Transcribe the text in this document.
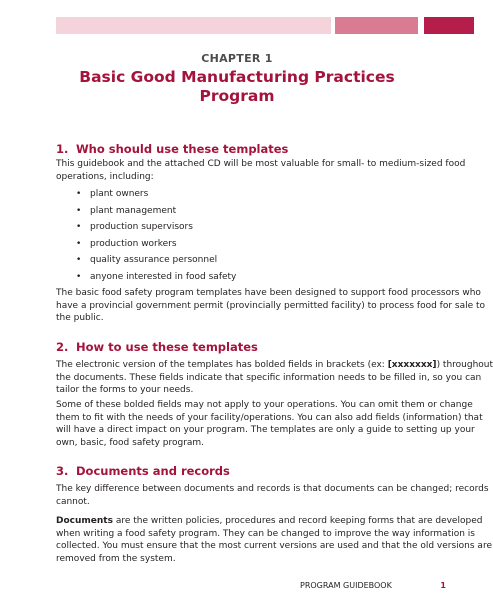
CHAPTER 1
Basic Good Manufacturing Practices
Program

1. Who should use these templates

This guidebook and the attached CD will be most valuable for small- to medium-sized food
operations, including:

• plant owners
• plant management
• production supervisors
• production workers
• quality assurance personnel
• anyone interested in food safety

The basic food safety program templates have been designed to support food processors who
have a provincial government permit (provincially permitted facility) to process food for sale to
the public.

2. How to use these templates

The electronic version of the templates has bolded fields in brackets (ex: [xxxxxxx]) throughout
the documents. These fields indicate that specific information needs to be filled in, so you can
tailor the forms to your needs.

Some of these bolded fields may not apply to your operations. You can omit them or change
them to fit with the needs of your facility/operations. You can also add fields (information) that
will have a direct impact on your program. The templates are only a guide to setting up your
own, basic, food safety program.

3. Documents and records

The key difference between documents and records is that documents can be changed; records
cannot.

Documents are the written policies, procedures and record keeping forms that are developed
when writing a food safety program. They can be changed to improve the way information is
collected. You must ensure that the most current versions are used and that the old versions are
removed from the system.

PROGRAM GUIDEBOOK	1
